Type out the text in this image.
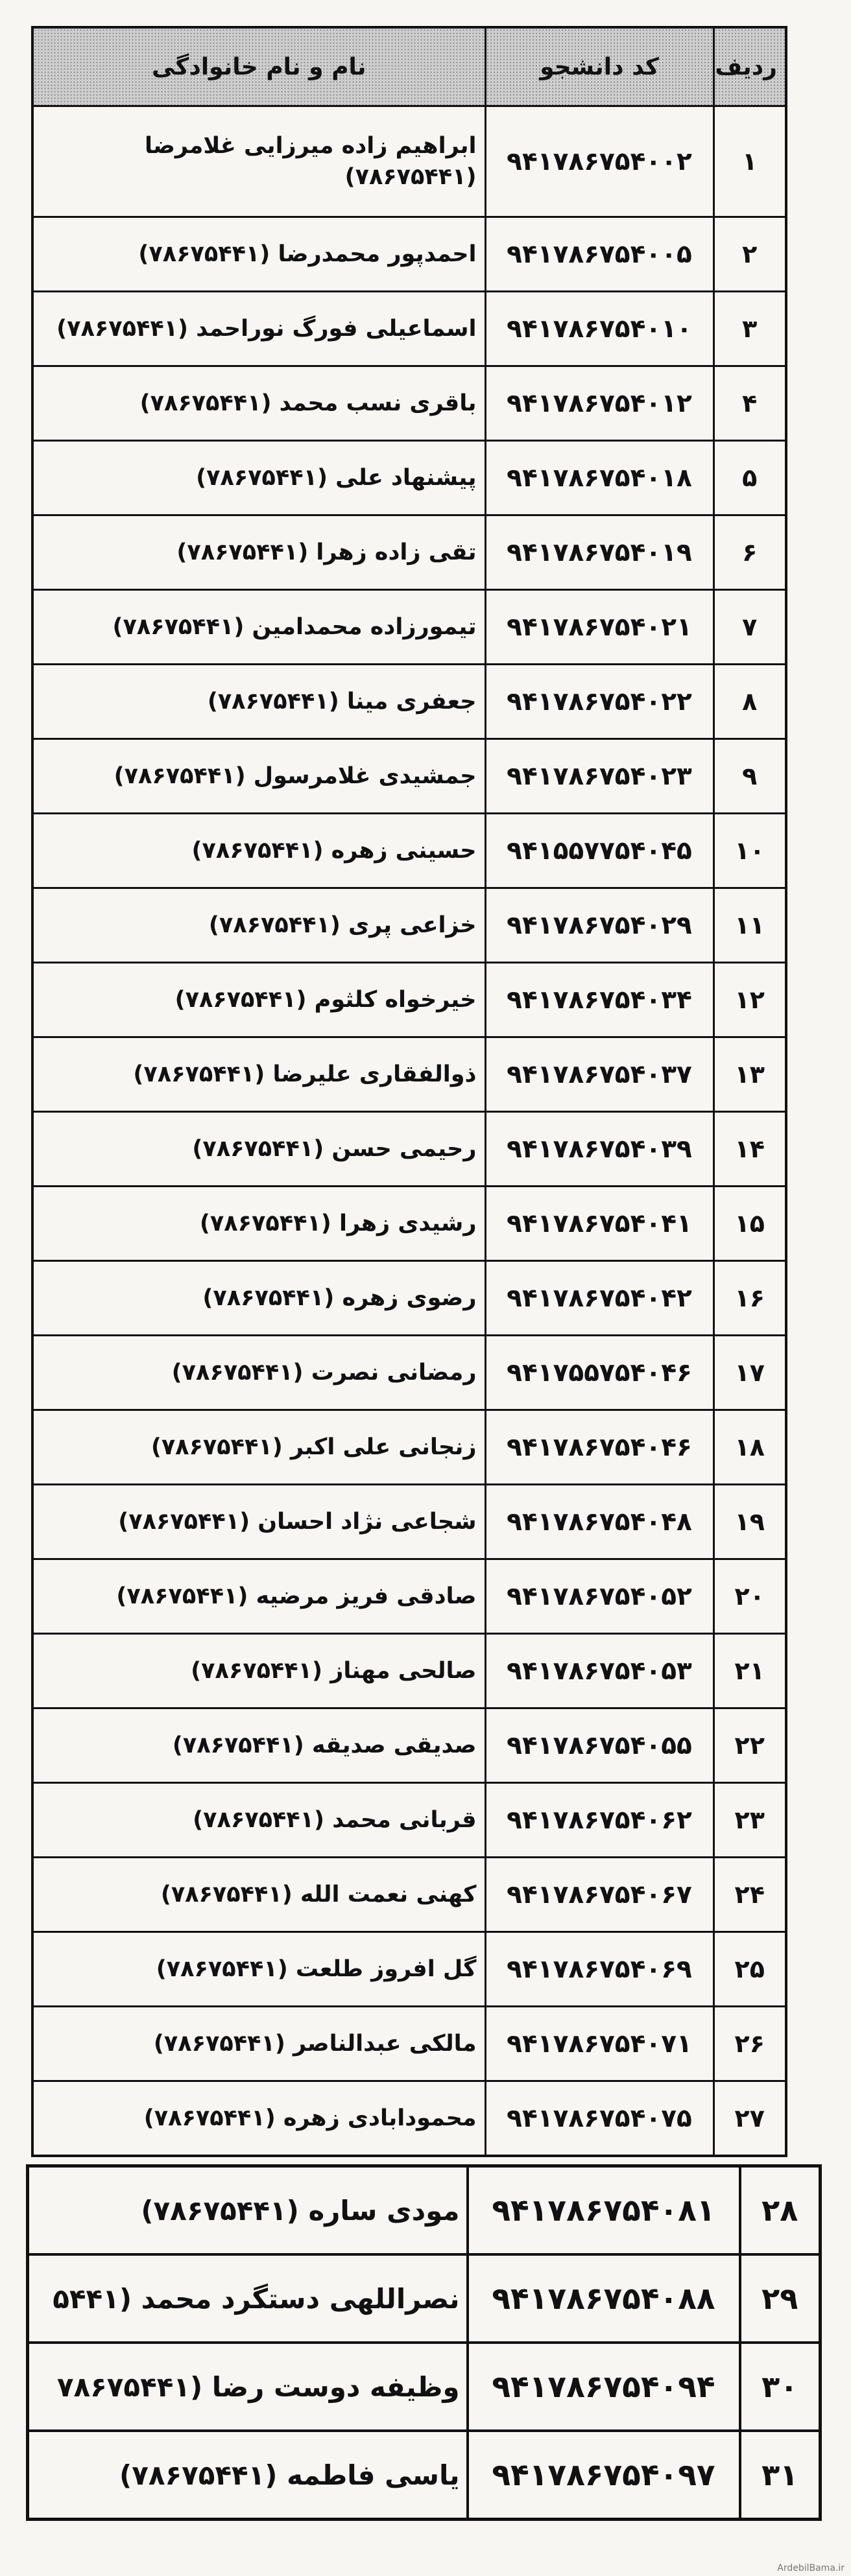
ردیف	کد دانشجو	نام و نام خانوادگی
۱	۹۴۱۷۸۶۷۵۴۰۰۲	ابراهیم زاده میرزایی غلامرضا (۷۸۶۷۵۴۴۱)
۲	۹۴۱۷۸۶۷۵۴۰۰۵	احمدپور محمدرضا (۷۸۶۷۵۴۴۱)
۳	۹۴۱۷۸۶۷۵۴۰۱۰	اسماعیلی فورگ نوراحمد (۷۸۶۷۵۴۴۱)
۴	۹۴۱۷۸۶۷۵۴۰۱۲	باقری نسب محمد (۷۸۶۷۵۴۴۱)
۵	۹۴۱۷۸۶۷۵۴۰۱۸	پیشنهاد علی (۷۸۶۷۵۴۴۱)
۶	۹۴۱۷۸۶۷۵۴۰۱۹	تقی زاده زهرا (۷۸۶۷۵۴۴۱)
۷	۹۴۱۷۸۶۷۵۴۰۲۱	تیمورزاده محمدامین (۷۸۶۷۵۴۴۱)
۸	۹۴۱۷۸۶۷۵۴۰۲۲	جعفری مینا (۷۸۶۷۵۴۴۱)
۹	۹۴۱۷۸۶۷۵۴۰۲۳	جمشیدی غلامرسول (۷۸۶۷۵۴۴۱)
۱۰	۹۴۱۵۵۷۷۵۴۰۴۵	حسینی زهره (۷۸۶۷۵۴۴۱)
۱۱	۹۴۱۷۸۶۷۵۴۰۲۹	خزاعی پری (۷۸۶۷۵۴۴۱)
۱۲	۹۴۱۷۸۶۷۵۴۰۳۴	خیرخواه کلثوم (۷۸۶۷۵۴۴۱)
۱۳	۹۴۱۷۸۶۷۵۴۰۳۷	ذوالفقاری علیرضا (۷۸۶۷۵۴۴۱)
۱۴	۹۴۱۷۸۶۷۵۴۰۳۹	رحیمی حسن (۷۸۶۷۵۴۴۱)
۱۵	۹۴۱۷۸۶۷۵۴۰۴۱	رشیدی زهرا (۷۸۶۷۵۴۴۱)
۱۶	۹۴۱۷۸۶۷۵۴۰۴۲	رضوی زهره (۷۸۶۷۵۴۴۱)
۱۷	۹۴۱۷۵۵۷۵۴۰۴۶	رمضانی نصرت (۷۸۶۷۵۴۴۱)
۱۸	۹۴۱۷۸۶۷۵۴۰۴۶	زنجانی علی اکبر (۷۸۶۷۵۴۴۱)
۱۹	۹۴۱۷۸۶۷۵۴۰۴۸	شجاعی نژاد احسان (۷۸۶۷۵۴۴۱)
۲۰	۹۴۱۷۸۶۷۵۴۰۵۲	صادقی فریز مرضیه (۷۸۶۷۵۴۴۱)
۲۱	۹۴۱۷۸۶۷۵۴۰۵۳	صالحی مهناز (۷۸۶۷۵۴۴۱)
۲۲	۹۴۱۷۸۶۷۵۴۰۵۵	صدیقی صدیقه (۷۸۶۷۵۴۴۱)
۲۳	۹۴۱۷۸۶۷۵۴۰۶۲	قربانی محمد (۷۸۶۷۵۴۴۱)
۲۴	۹۴۱۷۸۶۷۵۴۰۶۷	کهنی نعمت الله (۷۸۶۷۵۴۴۱)
۲۵	۹۴۱۷۸۶۷۵۴۰۶۹	گل افروز طلعت (۷۸۶۷۵۴۴۱)
۲۶	۹۴۱۷۸۶۷۵۴۰۷۱	مالکی عبدالناصر (۷۸۶۷۵۴۴۱)
۲۷	۹۴۱۷۸۶۷۵۴۰۷۵	محمودابادی زهره (۷۸۶۷۵۴۴۱)
۲۸	۹۴۱۷۸۶۷۵۴۰۸۱	مودی ساره (۷۸۶۷۵۴۴۱)
۲۹	۹۴۱۷۸۶۷۵۴۰۸۸	نصراللهی دستگرد محمد (۵۴۴۱
۳۰	۹۴۱۷۸۶۷۵۴۰۹۴	وظیفه دوست رضا (۷۸۶۷۵۴۴۱
۳۱	۹۴۱۷۸۶۷۵۴۰۹۷	یاسی فاطمه (۷۸۶۷۵۴۴۱)
ArdebilBama.ir
